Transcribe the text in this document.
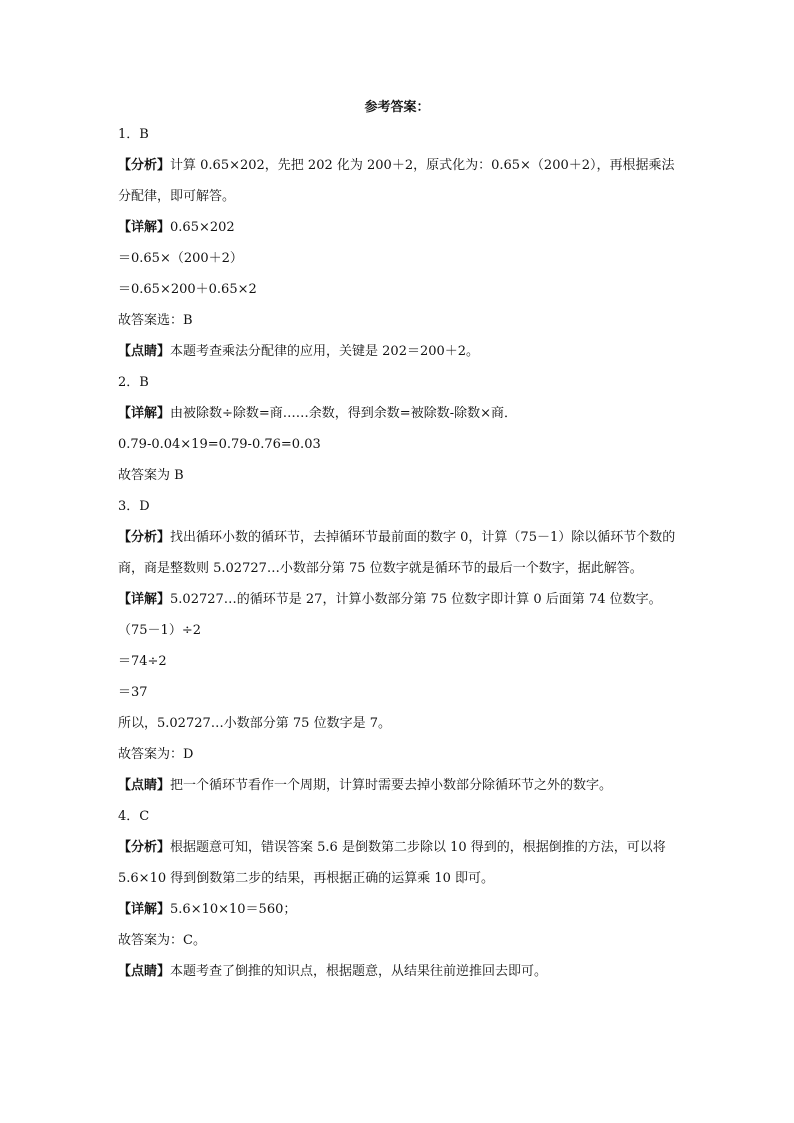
参考答案：
1．B
【分析】计算 0.65×202，先把 202 化为 200＋2，原式化为：0.65×（200＋2），再根据乘法分配律，即可解答。
【详解】0.65×202
＝0.65×（200＋2）
＝0.65×200＋0.65×2
故答案选：B
【点睛】本题考查乘法分配律的应用，关键是 202＝200＋2。
2．B
【详解】由被除数÷除数=商……余数，得到余数=被除数-除数×商．
0.79-0.04×19=0.79-0.76=0.03
故答案为 B
3．D
【分析】找出循环小数的循环节，去掉循环节最前面的数字 0，计算（75－1）除以循环节个数的商，商是整数则 5.02727…小数部分第 75 位数字就是循环节的最后一个数字，据此解答。
【详解】5.02727…的循环节是 27，计算小数部分第 75 位数字即计算 0 后面第 74 位数字。
（75－1）÷2
＝74÷2
＝37
所以，5.02727…小数部分第 75 位数字是 7。
故答案为：D
【点睛】把一个循环节看作一个周期，计算时需要去掉小数部分除循环节之外的数字。
4．C
【分析】根据题意可知，错误答案 5.6 是倒数第二步除以 10 得到的，根据倒推的方法，可以将 5.6×10 得到倒数第二步的结果，再根据正确的运算乘 10 即可。
【详解】5.6×10×10＝560；
故答案为：C。
【点睛】本题考查了倒推的知识点，根据题意，从结果往前逆推回去即可。
